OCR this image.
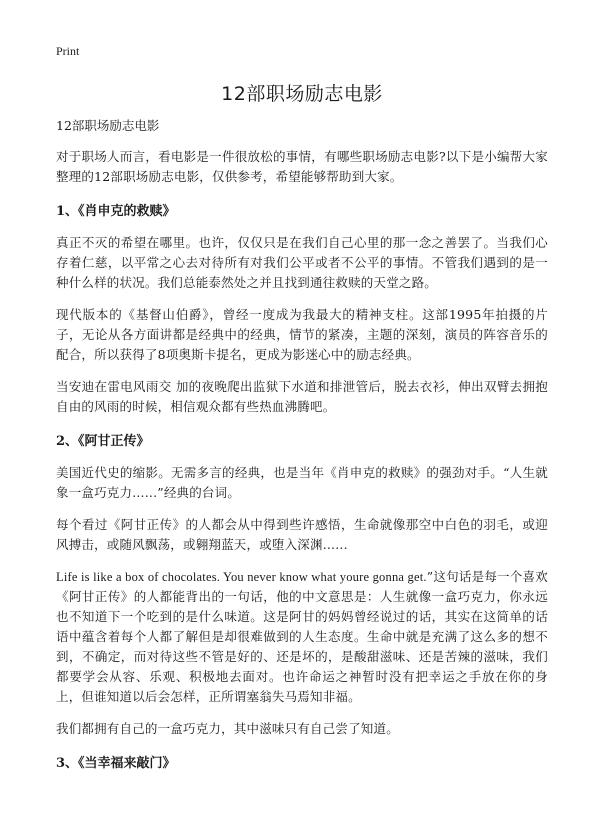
Print
12部职场励志电影
12部职场励志电影

对于职场人而言，看电影是一件很放松的事情，有哪些职场励志电影?以下是小编帮大家整理的12部职场励志电影，仅供参考，希望能够帮助到大家。

1、《肖申克的救赎》

真正不灭的希望在哪里。也许，仅仅只是在我们自己心里的那一念之善罢了。当我们心存着仁慈，以平常之心去对待所有对我们公平或者不公平的事情。不管我们遇到的是一种什么样的状况。我们总能泰然处之并且找到通往救赎的天堂之路。

现代版本的《基督山伯爵》，曾经一度成为我最大的精神支柱。这部1995年拍摄的片子，无论从各方面讲都是经典中的经典，情节的紧凑，主题的深刻，演员的阵容音乐的配合，所以获得了8项奥斯卡提名，更成为影迷心中的励志经典。

当安迪在雷电风雨交 加的夜晚爬出监狱下水道和排泄管后，脱去衣衫，伸出双臂去拥抱自由的风雨的时候，相信观众都有些热血沸腾吧。

2、《阿甘正传》

美国近代史的缩影。无需多言的经典，也是当年《肖申克的救赎》的强劲对手。“人生就象一盒巧克力......”经典的台词。

每个看过《阿甘正传》的人都会从中得到些许感悟，生命就像那空中白色的羽毛，或迎风搏击，或随风飘荡，或翱翔蓝天，或堕入深渊......

Life is like a box of chocolates. You never know what youre gonna get.”这句话是每一个喜欢《阿甘正传》的人都能背出的一句话，他的中文意思是：人生就像一盒巧克力，你永远也不知道下一个吃到的是什么味道。这是阿甘的妈妈曾经说过的话，其实在这简单的话语中蕴含着每个人都了解但是却很难做到的人生态度。生命中就是充满了这么多的想不到，不确定，而对待这些不管是好的、还是坏的，是酸甜滋味、还是苦辣的滋味，我们都要学会从容、乐观、积极地去面对。也许命运之神暂时没有把幸运之手放在你的身上，但谁知道以后会怎样，正所谓塞翁失马焉知非福。

我们都拥有自己的一盒巧克力，其中滋味只有自己尝了知道。

3、《当幸福来敲门》
